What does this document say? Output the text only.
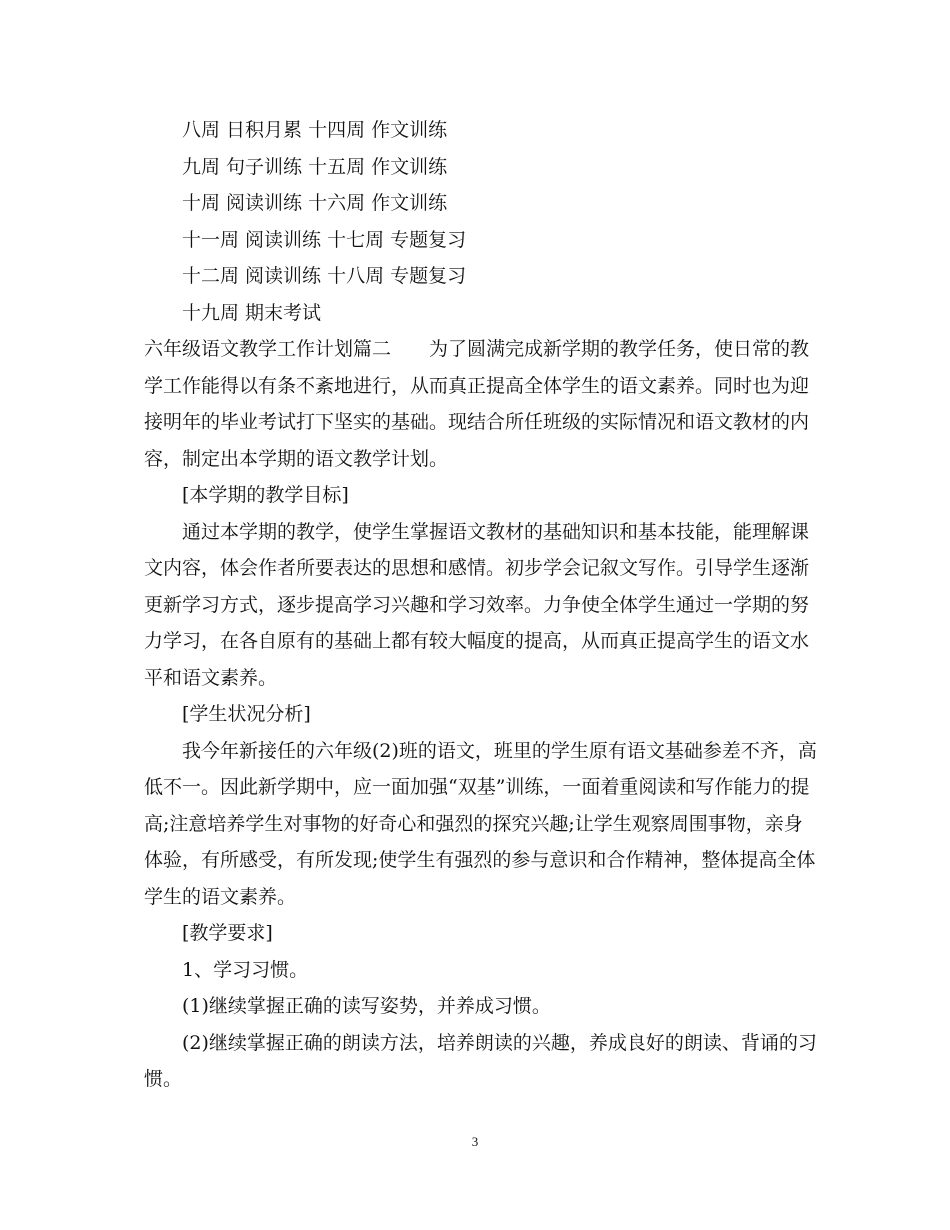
八周 日积月累 十四周 作文训练
九周 句子训练 十五周 作文训练
十周 阅读训练 十六周 作文训练
十一周 阅读训练 十七周 专题复习
十二周 阅读训练 十八周 专题复习
十九周 期末考试
六年级语文教学工作计划篇二　　为了圆满完成新学期的教学任务，使日常的教
学工作能得以有条不紊地进行，从而真正提高全体学生的语文素养。同时也为迎
接明年的毕业考试打下坚实的基础。现结合所任班级的实际情况和语文教材的内
容，制定出本学期的语文教学计划。
[本学期的教学目标]
通过本学期的教学，使学生掌握语文教材的基础知识和基本技能，能理解课
文内容，体会作者所要表达的思想和感情。初步学会记叙文写作。引导学生逐渐
更新学习方式，逐步提高学习兴趣和学习效率。力争使全体学生通过一学期的努
力学习，在各自原有的基础上都有较大幅度的提高，从而真正提高学生的语文水
平和语文素养。
[学生状况分析]
我今年新接任的六年级(2)班的语文，班里的学生原有语文基础参差不齐，高
低不一。因此新学期中，应一面加强“双基”训练，一面着重阅读和写作能力的提
高;注意培养学生对事物的好奇心和强烈的探究兴趣;让学生观察周围事物，亲身
体验，有所感受，有所发现;使学生有强烈的参与意识和合作精神，整体提高全体
学生的语文素养。
[教学要求]
1、学习习惯。
(1)继续掌握正确的读写姿势，并养成习惯。
(2)继续掌握正确的朗读方法，培养朗读的兴趣，养成良好的朗读、背诵的习
惯。
3
